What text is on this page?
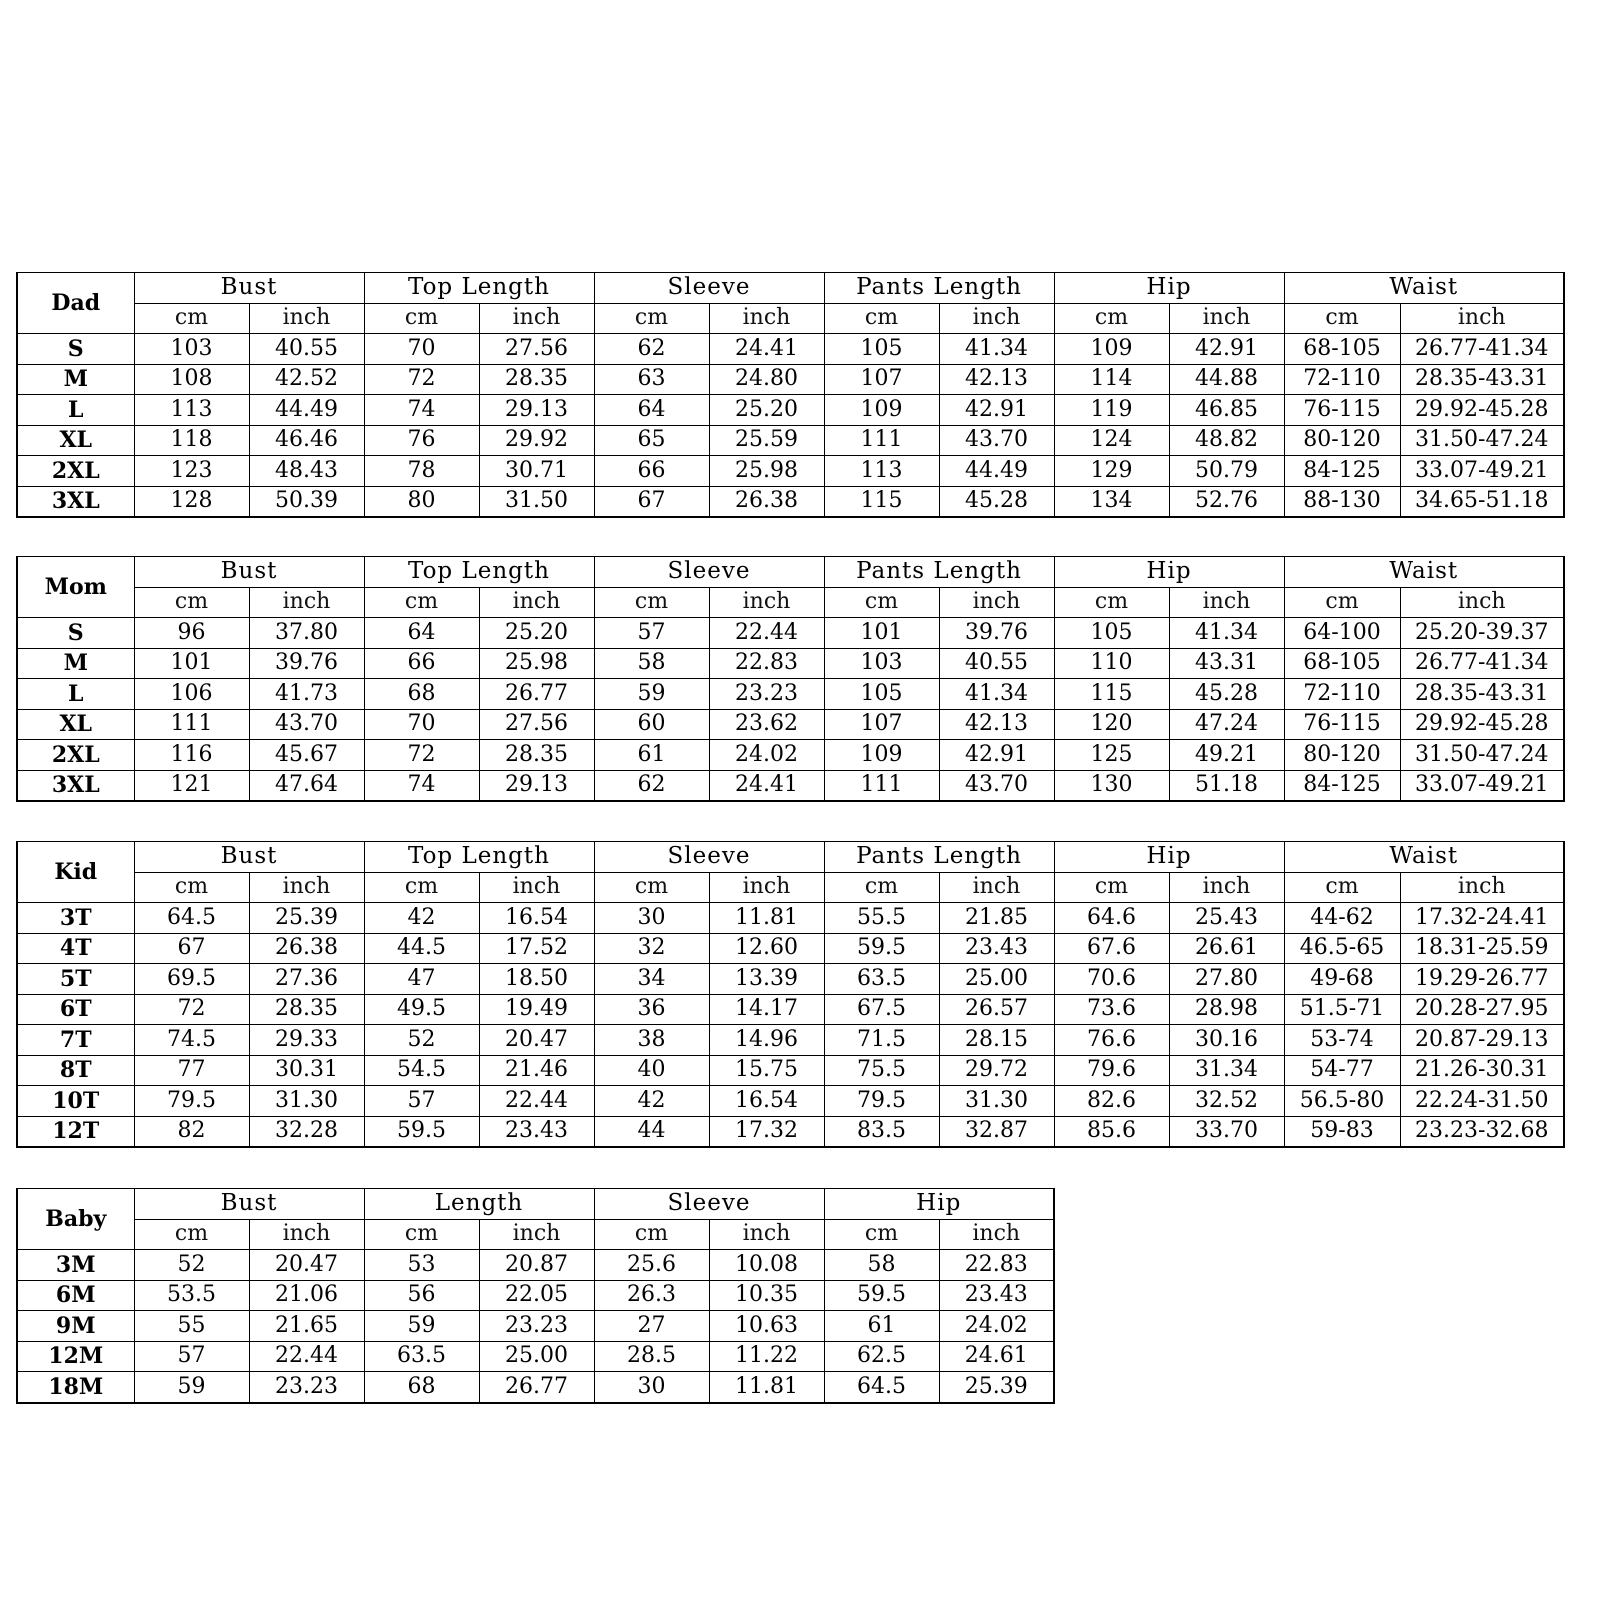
Dad	Bust		Top Length		Sleeve		Pants Length		Hip		Waist	
	cm	inch	cm	inch	cm	inch	cm	inch	cm	inch	cm	inch
S	103	40.55	70	27.56	62	24.41	105	41.34	109	42.91	68-105	26.77-41.34
M	108	42.52	72	28.35	63	24.80	107	42.13	114	44.88	72-110	28.35-43.31
L	113	44.49	74	29.13	64	25.20	109	42.91	119	46.85	76-115	29.92-45.28
XL	118	46.46	76	29.92	65	25.59	111	43.70	124	48.82	80-120	31.50-47.24
2XL	123	48.43	78	30.71	66	25.98	113	44.49	129	50.79	84-125	33.07-49.21
3XL	128	50.39	80	31.50	67	26.38	115	45.28	134	52.76	88-130	34.65-51.18
Mom	Bust		Top Length		Sleeve		Pants Length		Hip		Waist	
	cm	inch	cm	inch	cm	inch	cm	inch	cm	inch	cm	inch
S	96	37.80	64	25.20	57	22.44	101	39.76	105	41.34	64-100	25.20-39.37
M	101	39.76	66	25.98	58	22.83	103	40.55	110	43.31	68-105	26.77-41.34
L	106	41.73	68	26.77	59	23.23	105	41.34	115	45.28	72-110	28.35-43.31
XL	111	43.70	70	27.56	60	23.62	107	42.13	120	47.24	76-115	29.92-45.28
2XL	116	45.67	72	28.35	61	24.02	109	42.91	125	49.21	80-120	31.50-47.24
3XL	121	47.64	74	29.13	62	24.41	111	43.70	130	51.18	84-125	33.07-49.21
Kid	Bust		Top Length		Sleeve		Pants Length		Hip		Waist	
	cm	inch	cm	inch	cm	inch	cm	inch	cm	inch	cm	inch
3T	64.5	25.39	42	16.54	30	11.81	55.5	21.85	64.6	25.43	44-62	17.32-24.41
4T	67	26.38	44.5	17.52	32	12.60	59.5	23.43	67.6	26.61	46.5-65	18.31-25.59
5T	69.5	27.36	47	18.50	34	13.39	63.5	25.00	70.6	27.80	49-68	19.29-26.77
6T	72	28.35	49.5	19.49	36	14.17	67.5	26.57	73.6	28.98	51.5-71	20.28-27.95
7T	74.5	29.33	52	20.47	38	14.96	71.5	28.15	76.6	30.16	53-74	20.87-29.13
8T	77	30.31	54.5	21.46	40	15.75	75.5	29.72	79.6	31.34	54-77	21.26-30.31
10T	79.5	31.30	57	22.44	42	16.54	79.5	31.30	82.6	32.52	56.5-80	22.24-31.50
12T	82	32.28	59.5	23.43	44	17.32	83.5	32.87	85.6	33.70	59-83	23.23-32.68
Baby	Bust		Length		Sleeve		Hip	
	cm	inch	cm	inch	cm	inch	cm	inch
3M	52	20.47	53	20.87	25.6	10.08	58	22.83
6M	53.5	21.06	56	22.05	26.3	10.35	59.5	23.43
9M	55	21.65	59	23.23	27	10.63	61	24.02
12M	57	22.44	63.5	25.00	28.5	11.22	62.5	24.61
18M	59	23.23	68	26.77	30	11.81	64.5	25.39
